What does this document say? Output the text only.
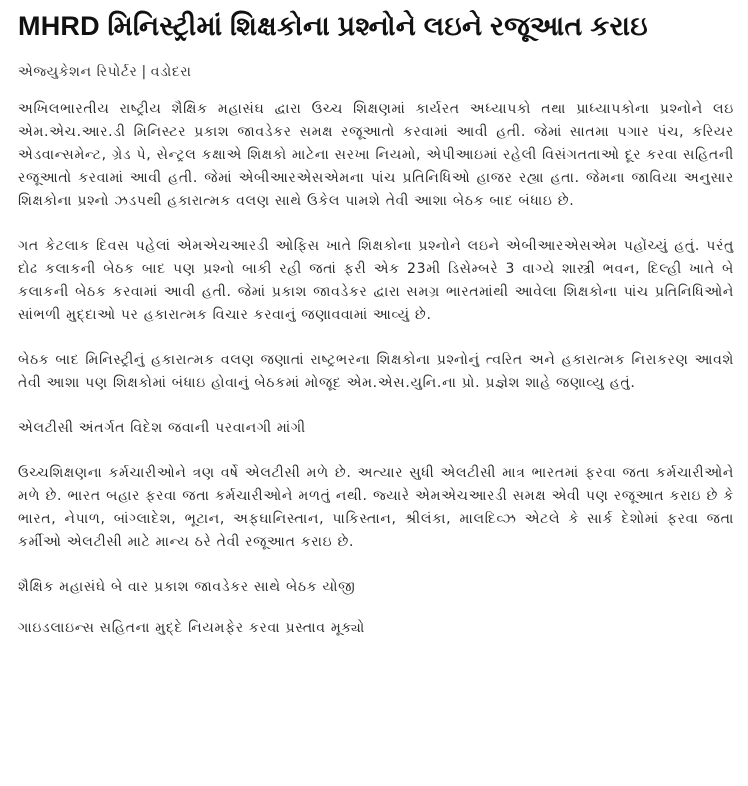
MHRD મિનિસ્ટ્રીમાં શિક્ષકોના પ્રશ્નોને લઇને રજૂઆત કરાઇ
એજ્યુકેશન રિપોર્ટર | વડોદરા

અખિલભારતીય રાષ્ટ્રીય શૈક્ષિક મહાસંઘ દ્વારા ઉચ્ચ શિક્ષણમાં કાર્યરત અધ્યાપકો તથા પ્રાધ્યાપકોના પ્રશ્નોને લઇ એમ.એચ.આર.ડી મિનિસ્ટર પ્રકાશ જાવડેકર સમક્ષ રજૂઆતો કરવામાં આવી હતી. જેમાં સાતમા પગાર પંચ, કરિયર એડવાન્સમેન્ટ, ગ્રેડ પે, સેન્ટ્રલ કક્ષાએ શિક્ષકો માટેના સરખા નિયમો, એપીઆઇમાં રહેલી વિસંગતતાઓ દૂર કરવા સહિતની રજૂઆતો કરવામાં આવી હતી. જેમાં એબીઆરએસએમના પાંચ પ્રતિનિધિઓ હાજર રહ્યા હતા. જેમના જાવિયા અનુસાર શિક્ષકોના પ્રશ્નો ઝડપથી હકારાત્મક વલણ સાથે ઉકેલ પામશે તેવી આશા બેઠક બાદ બંધાઇ છે.

ગત કેટલાક દિવસ પહેલાં એમએચઆરડી ઓફિસ ખાતે શિક્ષકોના પ્રશ્નોને લઇને એબીઆરએસએમ પહોંચ્યું હતું. પરંતુ દોઢ કલાકની બેઠક બાદ પણ પ્રશ્નો બાકી રહી જતાં ફરી એક 23મી ડિસેમ્બરે 3 વાગ્યે શાસ્ત્રી ભવન, દિલ્હી ખાતે બે કલાકની બેઠક કરવામાં આવી હતી. જેમાં પ્રકાશ જાવડેકર દ્વારા સમગ્ર ભારતમાંથી આવેલા શિક્ષકોના પાંચ પ્રતિનિધિઓને સાંભળી મુદ્દાઓ પર હકારાત્મક વિચાર કરવાનું જણાવવામાં આવ્યું છે.

બેઠક બાદ મિનિસ્ટ્રીનું હકારાત્મક વલણ જણાતાં રાષ્ટ્રભરના શિક્ષકોના પ્રશ્નોનું ત્વરિત અને હકારાત્મક નિરાકરણ આવશે તેવી આશા પણ શિક્ષકોમાં બંધાઇ હોવાનું બેઠકમાં મોજૂદ એમ.એસ.યુનિ.ના પ્રો. પ્રજ્ઞેશ શાહે જણાવ્યુ હતું.

એલટીસી અંતર્ગત વિદેશ જવાની પરવાનગી માંગી

ઉચ્ચશિક્ષણના કર્મચારીઓને ત્રણ વર્ષે એલટીસી મળે છે. અત્યાર સુધી એલટીસી માત્ર ભારતમાં ફરવા જતા કર્મચારીઓને મળે છે. ભારત બહાર ફરવા જતા કર્મચારીઓને મળતું નથી. જ્યારે એમએચઆરડી સમક્ષ એવી પણ રજૂઆત કરાઇ છે કે ભારત, નેપાળ, બાંગ્લાદેશ, ભૂટાન, અફઘાનિસ્તાન, પાકિસ્તાન, શ્રીલંકા, માલદિવ્ઝ એટલે કે સાર્ક દેશોમાં ફરવા જતા કર્મીઓ એલટીસી માટે માન્ય ઠરે તેવી રજૂઆત કરાઇ છે.

શૈક્ષિક મહાસંઘે બે વાર પ્રકાશ જાવડેકર સાથે બેઠક યોજી

ગાઇડલાઇન્સ સહિતના મુદ્દે નિયમફેર કરવા પ્રસ્તાવ મૂક્યો
